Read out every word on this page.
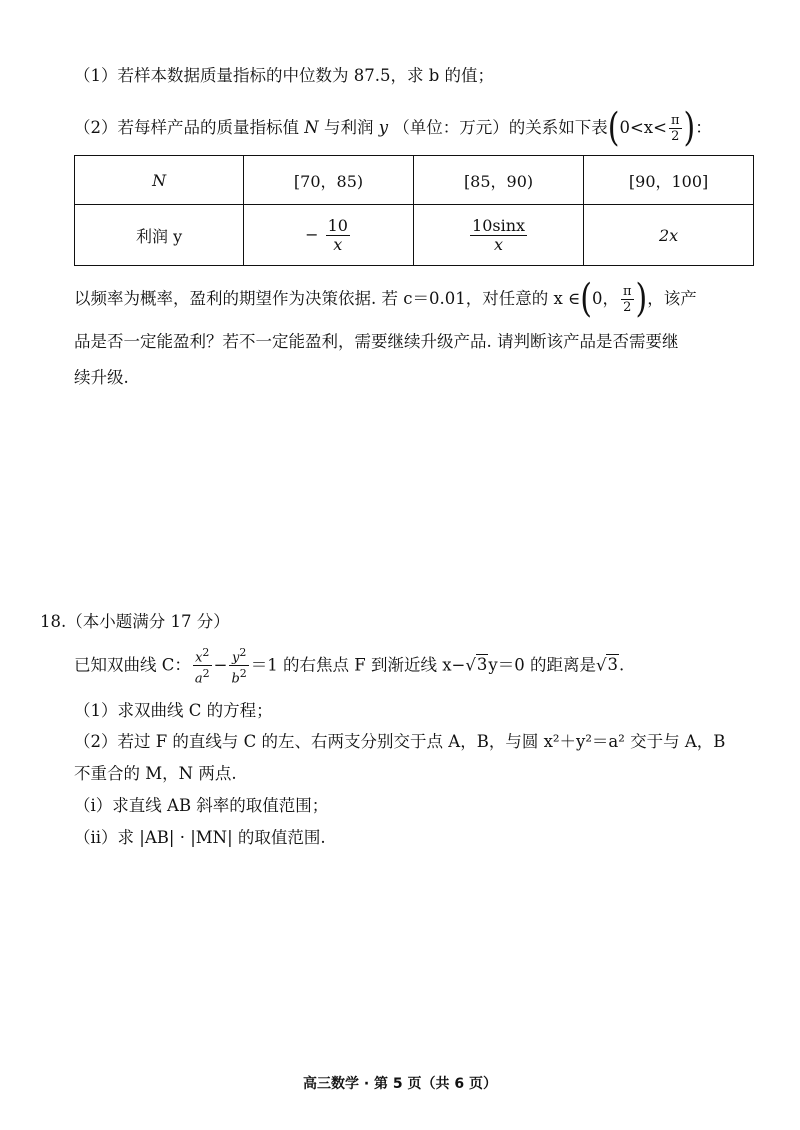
（1）若样本数据质量指标的中位数为 87.5，求 b 的值；
（2）若每样产品的质量指标值 N 与利润 y （单位：万元）的关系如下表($0<x< \frac{\pi}{2}$ )：
N	[70，85)	[85，90)	[90，100]
利润 y	− $\frac{10}{x}$	$\frac{10\sin x}{x}$	2x
以频率为概率，盈利的期望作为决策依据. 若 c＝0.01，对任意的 x ∈(0， $\frac{\pi}{2}$ )，该产
品是否一定能盈利？若不一定能盈利，需要继续升级产品. 请判断该产品是否需要继
续升级.
18.（本小题满分 17 分）
已知双曲线 C： $\frac{x^2}{a^2} - \frac{y^2}{b^2} =1$ 的右焦点 F 到渐近线 x−√3y＝0 的距离是√3.
（1）求双曲线 C 的方程；
（2）若过 F 的直线与 C 的左、右两支分别交于点 A，B，与圆 x²＋y²＝a² 交于与 A，B
不重合的 M，N 两点.
（i）求直线 AB 斜率的取值范围；
（ii）求 |AB| · |MN| 的取值范围.
高三数学 · 第 5 页（共 6 页）
